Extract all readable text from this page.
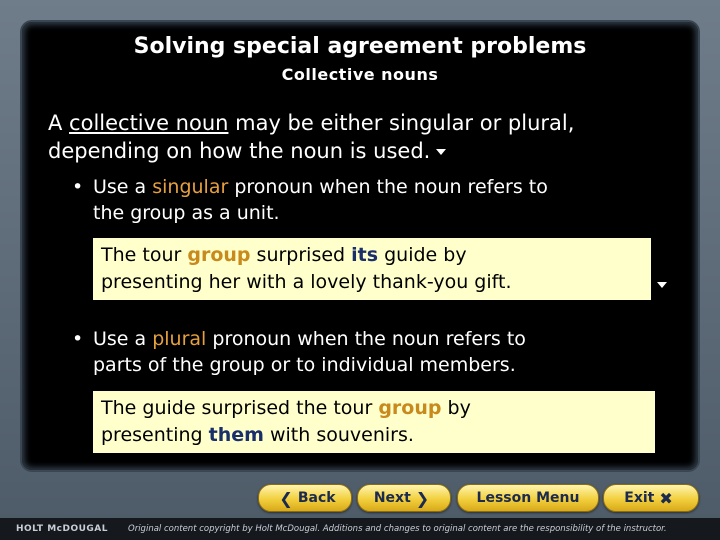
Solving special agreement problems
Collective nouns
A collective noun may be either singular or plural,
depending on how the noun is used.
• Use a singular pronoun when the noun refers to
the group as a unit.
The tour group surprised its guide by
presenting her with a lovely thank-you gift.
• Use a plural pronoun when the noun refers to
parts of the group or to individual members.
The guide surprised the tour group by
presenting them with souvenirs.
❮ Back	Next ❯	Lesson Menu	Exit ✖
HOLT McDOUGAL Original content copyright by Holt McDougal. Additions and changes to original content are the responsibility of the instructor.
